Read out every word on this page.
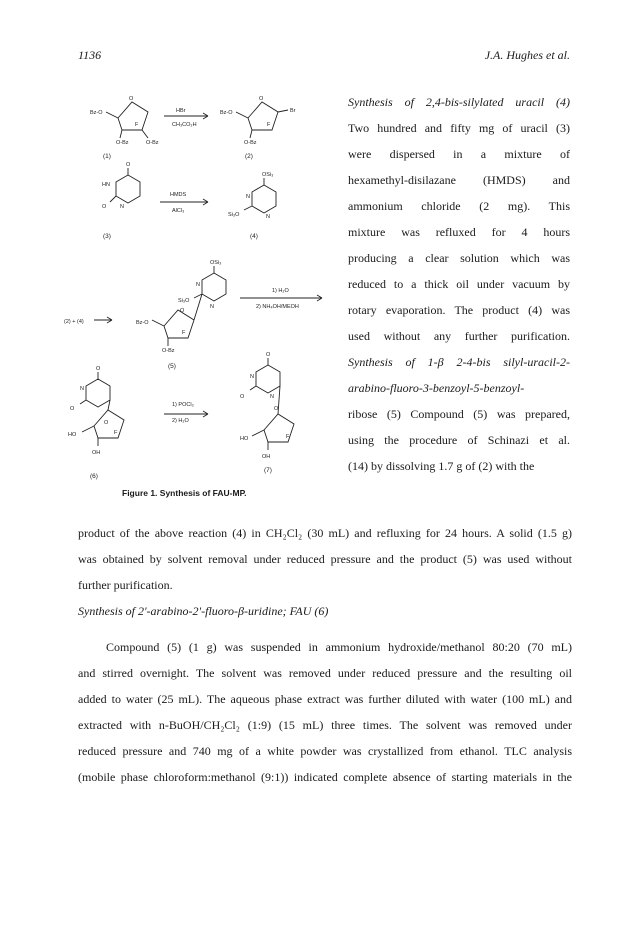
1136	J.A. Hughes et al.
Bz-O
O
F
O-Bz
O-Bz
HBr
CH₃CO₂H
Bz-O
O
F
Br
O-Bz
(1)	(2)
O
HN
N
O
HMDS
AlCl₃
OSi₃
N
N
Si₃O
(3)	(4)
OSi₃
N
N
Si₃O
O
F
Bz-O
O-Bz
1) H₂O
2) NH₄OH/MEOH
(2) + (4)
(5)
O
N
O
O
F
HO
OH
(6)
1) POCl₃
2) H₂O
O
N
N
O
O
F
HO
OH
(7)
Figure 1. Synthesis of FAU-MP.

Synthesis of 2,4-bis-silylated uracil (4)

Two hundred and fifty mg of uracil (3)

were dispersed in a mixture of

hexamethyl-disilazane (HMDS) and

ammonium chloride (2 mg). This

mixture was refluxed for 4 hours

producing a clear solution which was

reduced to a thick oil under vacuum by

rotary evaporation. The product (4) was

used without any further purification.

Synthesis of 1-β 2-4-bis silyl-uracil-2-

arabino-fluoro-3-benzoyl-5-benzoyl-

ribose (5) Compound (5) was prepared,

using the procedure of Schinazi et al.

(14) by dissolving 1.7 g of (2) with the

product of the above reaction (4) in CH₂Cl₂ (30 mL) and refluxing for 24 hours. A solid (1.5 g)

was obtained by solvent removal under reduced pressure and the product (5) was used without

further purification.

Synthesis of 2'-arabino-2'-fluoro-β-uridine; FAU (6)

Compound (5) (1 g) was suspended in ammonium hydroxide/methanol 80:20 (70 mL)

and stirred overnight. The solvent was removed under reduced pressure and the resulting oil

added to water (25 mL). The aqueous phase extract was further diluted with water (100 mL) and

extracted with n-BuOH/CH₂Cl₂ (1:9) (15 mL) three times. The solvent was removed under

reduced pressure and 740 mg of a white powder was crystallized from ethanol. TLC analysis

(mobile phase chloroform:methanol (9:1)) indicated complete absence of starting materials in the
